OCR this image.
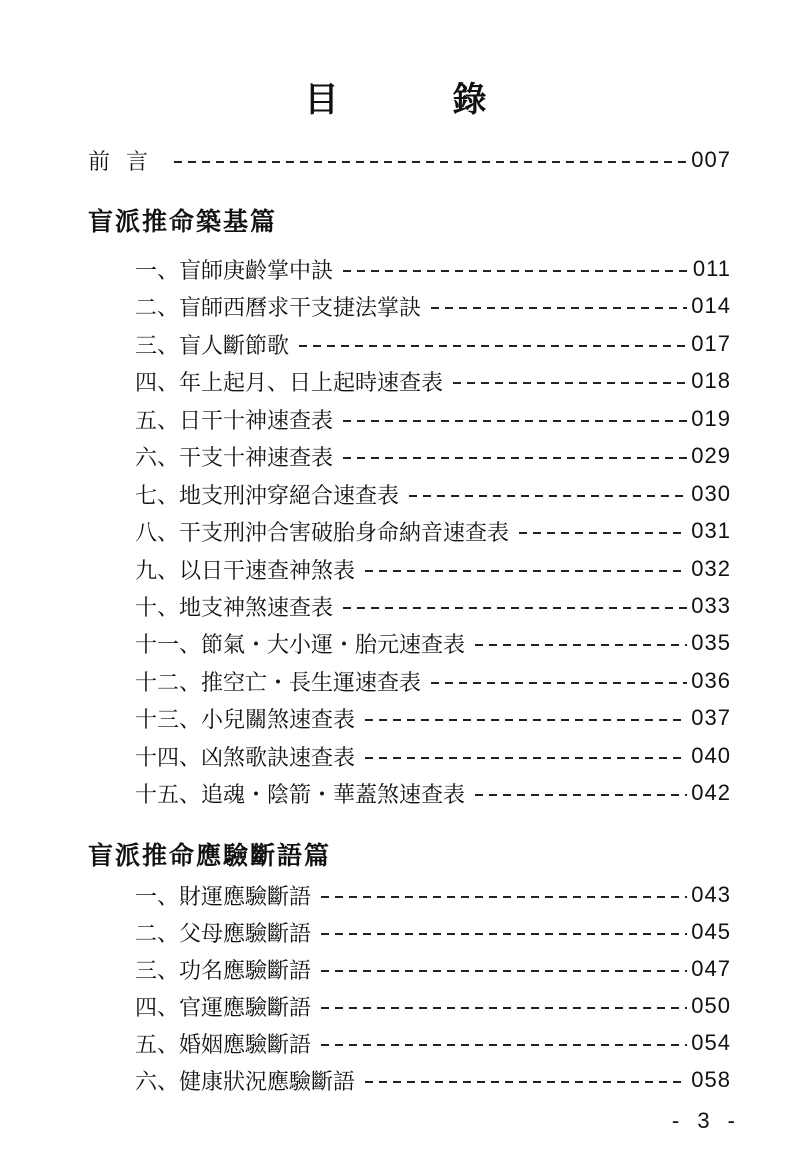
目　錄
前言	007
盲派推命築基篇
一、盲師庚齡掌中訣	011
二、盲師西曆求干支捷法掌訣	014
三、盲人斷節歌	017
四、年上起月、日上起時速查表	018
五、日干十神速查表	019
六、干支十神速查表	029
七、地支刑沖穿絕合速查表	030
八、干支刑沖合害破胎身命納音速查表	031
九、以日干速查神煞表	032
十、地支神煞速查表	033
十一、節氣・大小運・胎元速查表	035
十二、推空亡・長生運速查表	036
十三、小兒關煞速查表	037
十四、凶煞歌訣速查表	040
十五、追魂・陰箭・華蓋煞速查表	042
盲派推命應驗斷語篇
一、財運應驗斷語	043
二、父母應驗斷語	045
三、功名應驗斷語	047
四、官運應驗斷語	050
五、婚姻應驗斷語	054
六、健康狀況應驗斷語	058
- 3 -
